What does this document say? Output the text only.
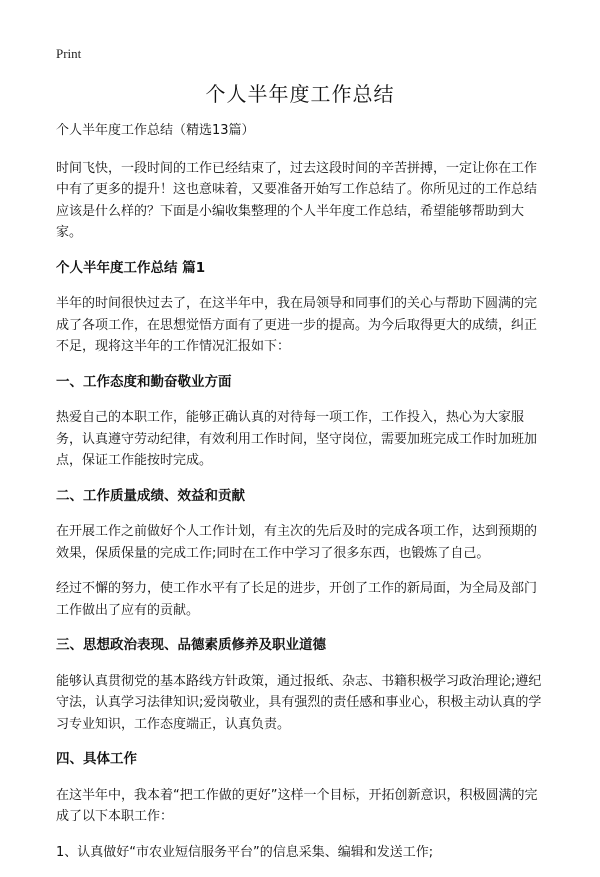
Print
个人半年度工作总结

个人半年度工作总结（精选13篇）

时间飞快，一段时间的工作已经结束了，过去这段时间的辛苦拼搏，一定让你在工作中有了更多的提升！这也意味着，又要准备开始写工作总结了。你所见过的工作总结应该是什么样的？下面是小编收集整理的个人半年度工作总结，希望能够帮助到大家。

个人半年度工作总结 篇1

半年的时间很快过去了，在这半年中，我在局领导和同事们的关心与帮助下圆满的完成了各项工作，在思想觉悟方面有了更进一步的提高。为今后取得更大的成绩，纠正不足，现将这半年的工作情况汇报如下：

一、工作态度和勤奋敬业方面

热爱自己的本职工作，能够正确认真的对待每一项工作，工作投入，热心为大家服务，认真遵守劳动纪律，有效利用工作时间，坚守岗位，需要加班完成工作时加班加点，保证工作能按时完成。

二、工作质量成绩、效益和贡献

在开展工作之前做好个人工作计划，有主次的先后及时的完成各项工作，达到预期的效果，保质保量的完成工作;同时在工作中学习了很多东西，也锻炼了自己。

经过不懈的努力，使工作水平有了长足的进步，开创了工作的新局面，为全局及部门工作做出了应有的贡献。

三、思想政治表现、品德素质修养及职业道德

能够认真贯彻党的基本路线方针政策，通过报纸、杂志、书籍积极学习政治理论;遵纪守法，认真学习法律知识;爱岗敬业，具有强烈的责任感和事业心，积极主动认真的学习专业知识，工作态度端正，认真负责。

四、具体工作

在这半年中，我本着“把工作做的更好”这样一个目标，开拓创新意识，积极圆满的完成了以下本职工作：

1、认真做好“市农业短信服务平台”的信息采集、编辑和发送工作;
